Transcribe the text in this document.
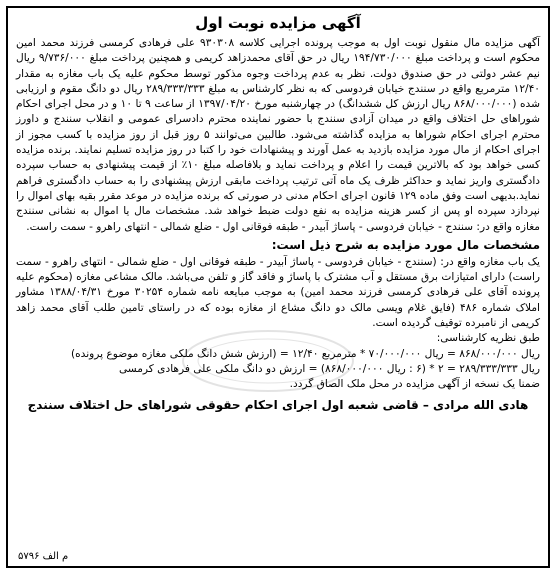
آگهی مزایده نوبت اول

آگهی مزایده مال منقول نوبت اول به موجب پرونده اجرایی کلاسه ۹۳۰۳۰۸ علی فرهادی کرمسی فرزند محمد امین محکوم است و پرداخت مبلغ ۱۹۴/۷۳۰/۰۰۰ ریال در حق آقای محمدزاهد کریمی و همچنین پرداخت مبلغ ۹/۷۳۶/۰۰۰ ریال نیم عشر دولتی در حق صندوق دولت. نظر به عدم پرداخت وجوه مذکور توسط محکوم علیه یک باب مغازه به مقدار ۱۲/۴۰ مترمربع واقع در سنندج خیابان فردوسی که به نظر کارشناس به مبلغ ۲۸۹/۳۳۳/۳۳۳ ریال دو دانگ مقوم و ارزیابی شده (۸۶۸/۰۰۰/۰۰۰ ریال ارزش کل ششدانگ) در چهارشنبه مورخ ۱۳۹۷/۰۴/۲۰ از ساعت ۹ تا ۱۰ و در محل اجرای احکام شوراهای حل اختلاف واقع در میدان آزادی سنندج با حضور نماینده محترم دادسرای عمومی و انقلاب سنندج و داورز محترم اجرای احکام شوراها به مزایده گذاشته می‌شود. طالبین می‌توانند ۵ روز قبل از روز مزایده با کسب مجوز از اجرای احکام از مال مورد مزایده بازدید به عمل آورند و پیشنهادات خود را کتبا در روز مزایده تسلیم نمایند. برنده مزایده کسی خواهد بود که بالاترین قیمت را اعلام و پرداخت نماید و بلافاصله مبلغ ۱۰٪ از قیمت پیشنهادی به حساب سپرده دادگستری واریز نماید و حداکثر ظرف یک ماه آتی ترتیب پرداخت مابقی ارزش پیشنهادی را به حساب دادگستری فراهم نماید.بدیهی است وفق ماده ۱۲۹ قانون اجرای احکام مدنی در صورتی که برنده مزایده در موعد مقرر بقیه بهای اموال را نپردازد سپرده او پس از کسر هزینه مزایده به نفع دولت ضبط خواهد شد. مشخصات مال یا اموال به نشانی سنندج مغازه واقع در: سنندج - خیابان فردوسی - پاساژ آبیدر - طبقه فوقانی اول - ضلع شمالی - انتهای راهرو - سمت راست.

مشخصات مال مورد مزایده به شرح ذیل است:

یک باب مغازه واقع در: (سنندج - خیابان فردوسی - پاساژ آبیدر - طبقه فوقانی اول - ضلع شمالی - انتهای راهرو - سمت راست) دارای امتیازات برق مستقل و آب مشترک با پاساژ و فاقد گاز و تلفن می‌باشد. مالک مشاعی مغازه (محکوم علیه پرونده آقای علی فرهادی کرمسی فرزند محمد امین) به موجب مبایعه نامه شماره ۳۰۲۵۴ مورخ ۱۳۸۸/۰۴/۳۱ مشاور املاک شماره ۴۸۶ (فایق غلام ویسی مالک دو دانگ مشاع از مغازه بوده که در راستای تامین طلب آقای محمد زاهد کریمی از نامبرده توقیف گردیده است.

طبق نظریه کارشناسی:

ریال ۸۶۸/۰۰۰/۰۰۰ = ریال ۷۰/۰۰۰/۰۰۰ * مترمربع ۱۲/۴۰ = (ارزش شش دانگ ملکی مغازه موضوع پرونده)

ریال ۲۸۹/۳۳۳/۳۳۳ = ۲ * (۶ : ریال ۸۶۸/۰۰۰/۰۰۰) = ارزش دو دانگ ملکی علی فرهادی کرمسی

ضمنا یک نسخه از آگهی مزایده در محل ملک الصاق گردد.

هادی الله مرادی – قاضی شعبه اول اجرای احکام حقوقی شوراهای حل اختلاف سنندج
م الف ۵۷۹۶
